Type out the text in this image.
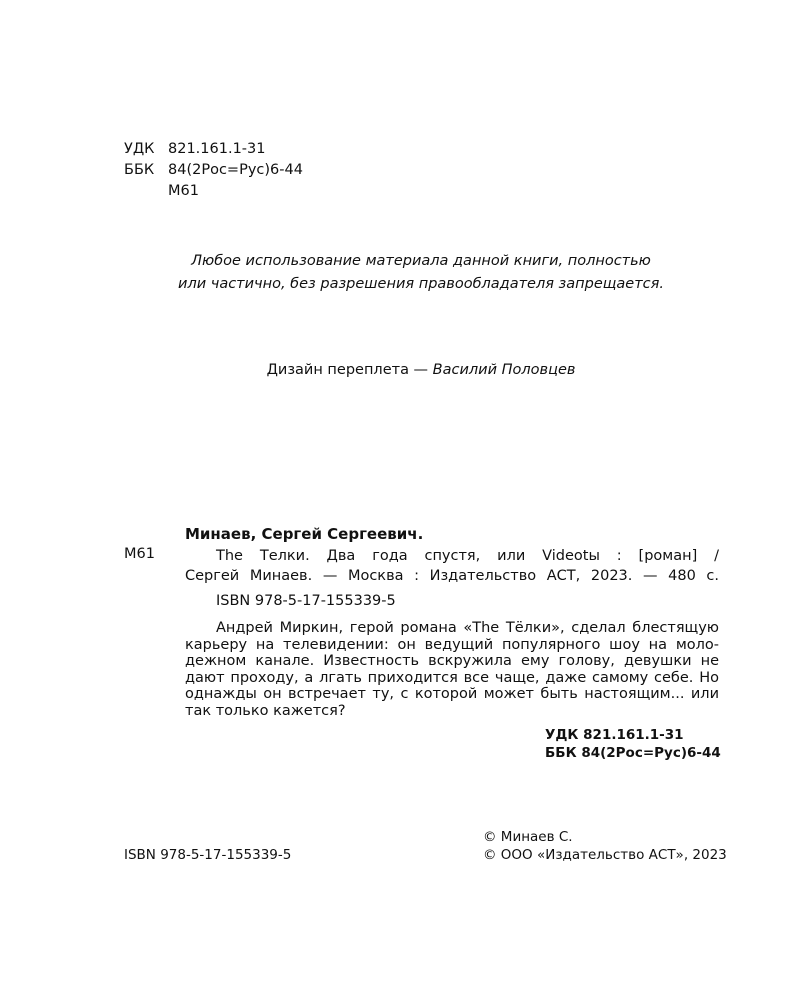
УДК 821.161.1-31
ББК 84(2Рос=Рус)6-44
М61
Любое использование материала данной книги, полностью
или частично, без разрешения правообладателя запрещается.
Дизайн переплета — Василий Половцев
Минаев, Сергей Сергеевич.
М61	The Телки. Два года спустя, или Videotы : [роман] /
Сергей Минаев. — Москва : Издательство АСТ, 2023. — 480 с.
ISBN 978-5-17-155339-5
Андрей Миркин, герой романа «The Тёлки», сделал блестящую
карьеру на телевидении: он ведущий популярного шоу на моло-
дежном канале. Известность вскружила ему голову, девушки не
дают проходу, а лгать приходится все чаще, даже самому себе. Но
однажды он встречает ту, с которой может быть настоящим... или
так только кажется?
УДК 821.161.1-31
ББК 84(2Рос=Рус)6-44
ISBN 978-5-17-155339-5
© Минаев С.
© ООО «Издательство АСТ», 2023
